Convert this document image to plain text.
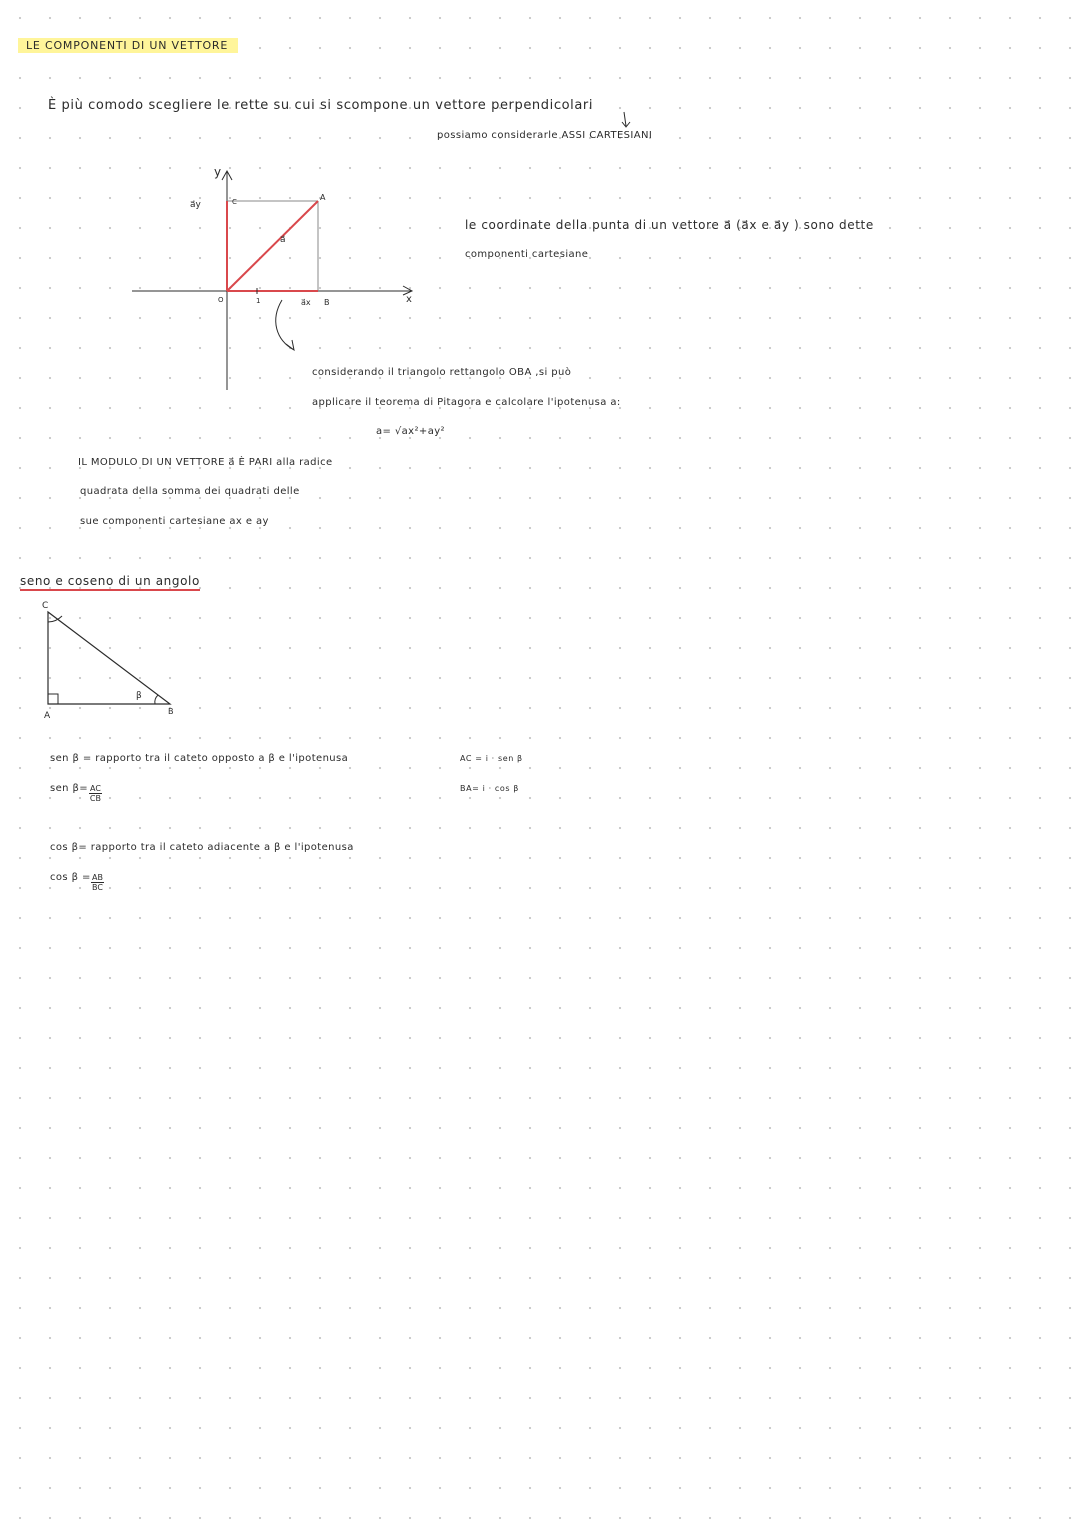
LE COMPONENTI DI UN VETTORE
È più comodo scegliere le rette su cui si scompone un vettore perpendicolari
possiamo considerarle ASSI CARTESIANI
y
x
a⃗y	C	A
a⃗
O	1	a⃗x B
le coordinate della punta di un vettore a⃗ (a⃗x e a⃗y ) sono dette
componenti cartesiane
considerando il triangolo rettangolo OBA ,si può
applicare il teorema di Pitagora e calcolare l'ipotenusa a:
a= √ax²+ay²
IL MODULO DI UN VETTORE a⃗ È PARI alla radice
quadrata della somma dei quadrati delle
sue componenti cartesiane ax e ay
seno e coseno di un angolo
C
A	B
β
sen β = rapporto tra il cateto opposto a β e l'ipotenusa
sen $\beta= \frac{AC}{CB}$
AC = i · sen β
BA= i · cos β
cos β= rapporto tra il cateto adiacente a β e l'ipotenusa
$\cos \beta = \frac{AB}{BC}$
